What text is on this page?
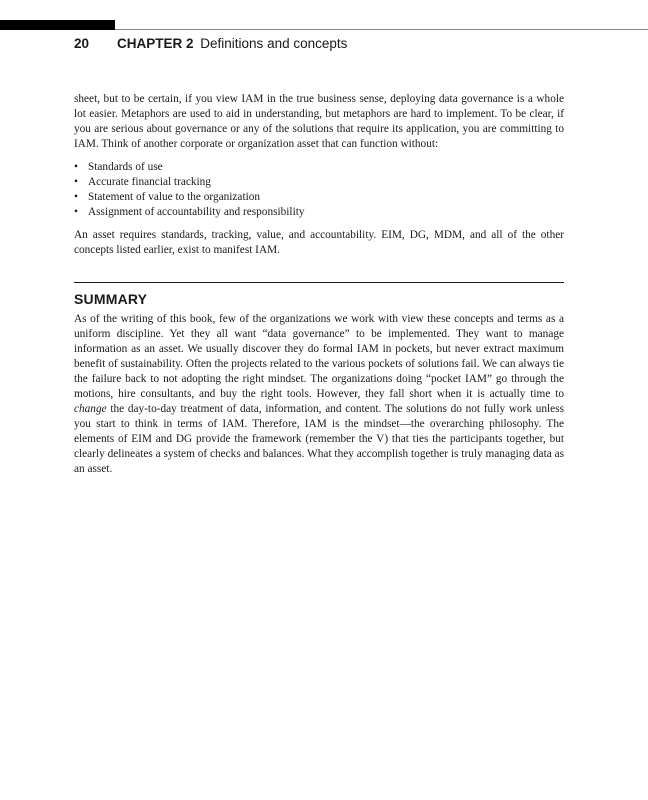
20 CHAPTER 2 Definitions and concepts

sheet, but to be certain, if you view IAM in the true business sense, deploying data governance is a whole lot easier. Metaphors are used to aid in understanding, but metaphors are hard to implement. To be clear, if you are serious about governance or any of the solutions that require its application, you are committing to IAM. Think of another corporate or organization asset that can function without:

• Standards of use
• Accurate financial tracking
• Statement of value to the organization
• Assignment of accountability and responsibility

An asset requires standards, tracking, value, and accountability. EIM, DG, MDM, and all of the other concepts listed earlier, exist to manifest IAM.

SUMMARY

As of the writing of this book, few of the organizations we work with view these concepts and terms as a uniform discipline. Yet they all want “data governance” to be implemented. They want to manage information as an asset. We usually discover they do formal IAM in pockets, but never extract maximum benefit of sustainability. Often the projects related to the various pockets of solutions fail. We can always tie the failure back to not adopting the right mindset. The organizations doing “pocket IAM” go through the motions, hire consultants, and buy the right tools. However, they fall short when it is actually time to change the day-to-day treatment of data, information, and content. The solutions do not fully work unless you start to think in terms of IAM. Therefore, IAM is the mindset—the overarching philosophy. The elements of EIM and DG provide the framework (remember the V) that ties the participants together, but clearly delineates a system of checks and balances. What they accomplish together is truly managing data as an asset.
